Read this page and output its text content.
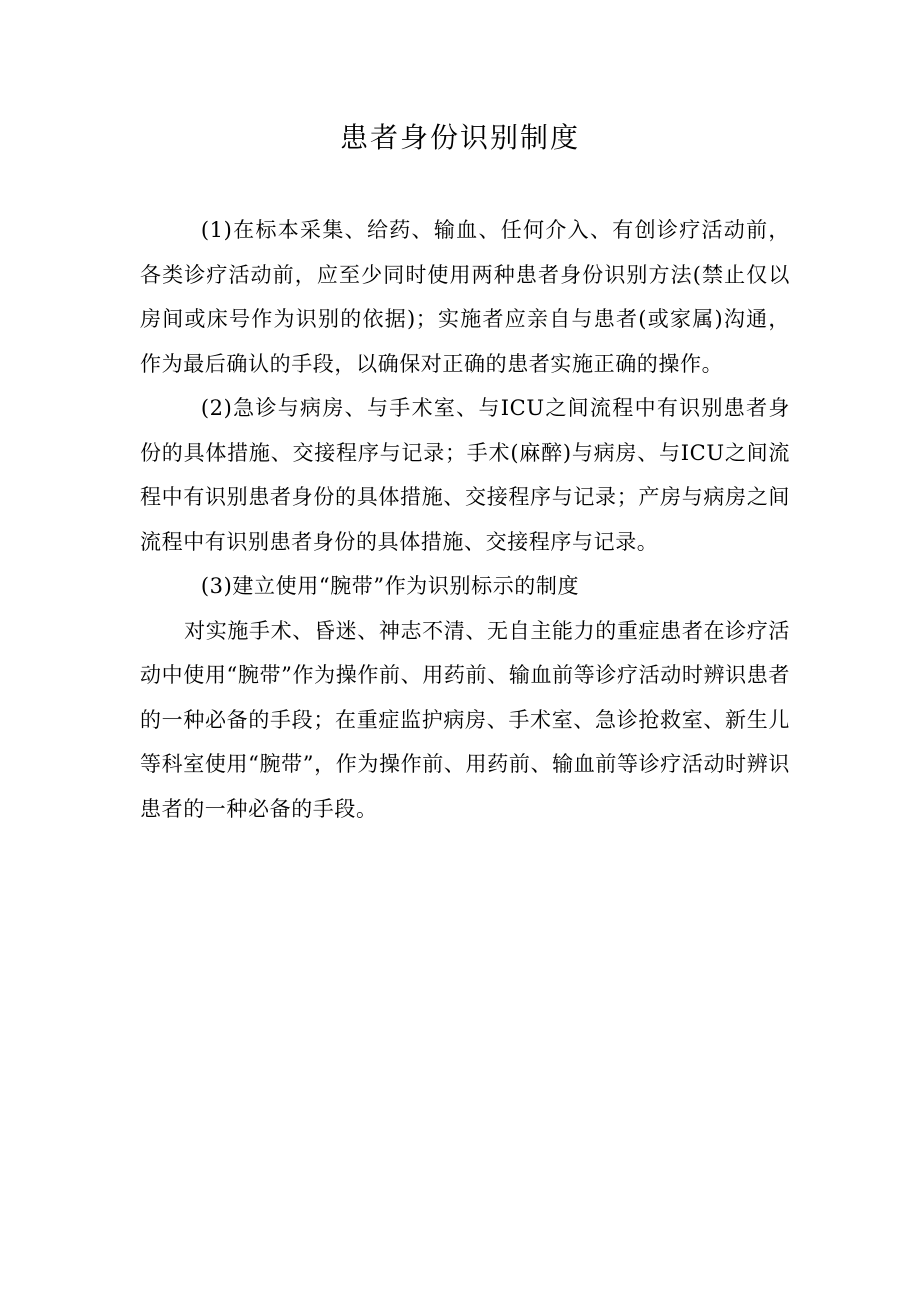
患者身份识别制度

(1)在标本采集、给药、输血、任何介入、有创诊疗活动前，各类诊疗活动前，应至少同时使用两种患者身份识别方法(禁止仅以房间或床号作为识别的依据)；实施者应亲自与患者(或家属)沟通，作为最后确认的手段，以确保对正确的患者实施正确的操作。

(2)急诊与病房、与手术室、与ICU之间流程中有识别患者身份的具体措施、交接程序与记录；手术(麻醉)与病房、与ICU之间流程中有识别患者身份的具体措施、交接程序与记录；产房与病房之间流程中有识别患者身份的具体措施、交接程序与记录。

(3)建立使用“腕带”作为识别标示的制度

对实施手术、昏迷、神志不清、无自主能力的重症患者在诊疗活动中使用“腕带”作为操作前、用药前、输血前等诊疗活动时辨识患者的一种必备的手段；在重症监护病房、手术室、急诊抢救室、新生儿等科室使用“腕带”，作为操作前、用药前、输血前等诊疗活动时辨识患者的一种必备的手段。
